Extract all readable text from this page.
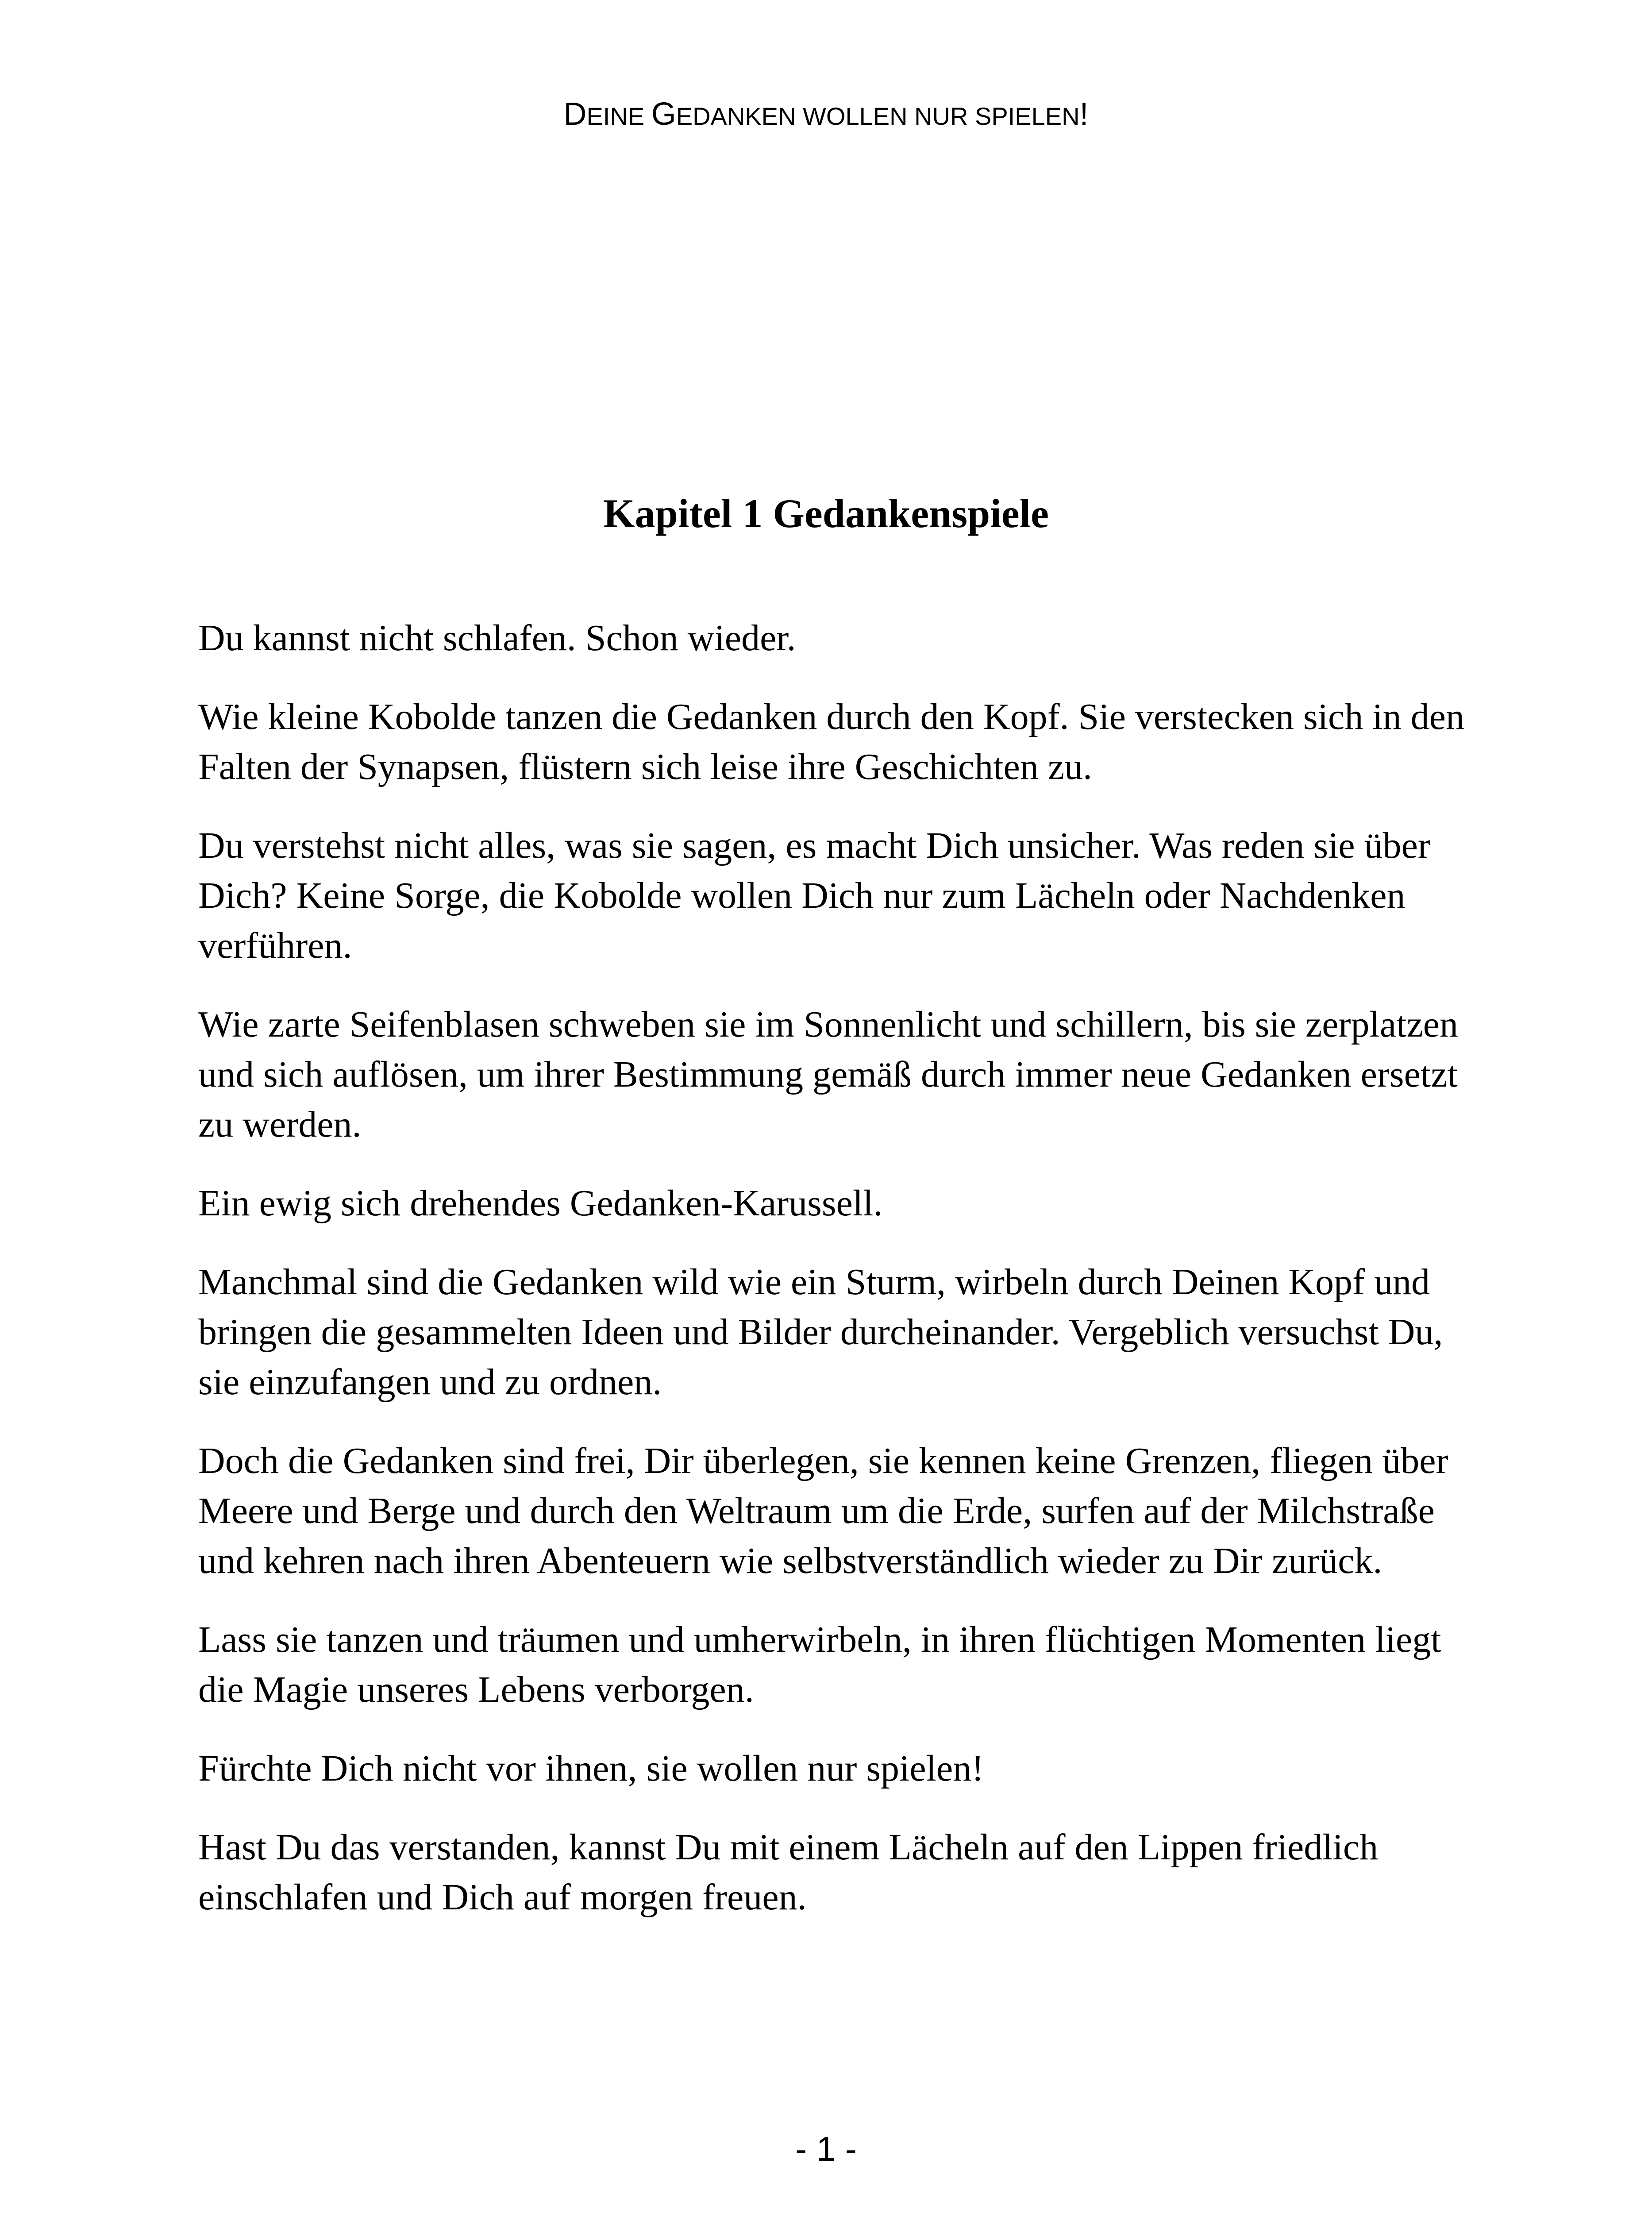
DEINE GEDANKEN WOLLEN NUR SPIELEN!
Kapitel 1 Gedankenspiele

Du kannst nicht schlafen. Schon wieder.

Wie kleine Kobolde tanzen die Gedanken durch den Kopf. Sie verstecken sich in den Falten der Synapsen, flüstern sich leise ihre Geschichten zu.

Du verstehst nicht alles, was sie sagen, es macht Dich unsicher. Was reden sie über Dich? Keine Sorge, die Kobolde wollen Dich nur zum Lächeln oder Nachdenken verführen.

Wie zarte Seifenblasen schweben sie im Sonnenlicht und schillern, bis sie zerplatzen und sich auflösen, um ihrer Bestimmung gemäß durch immer neue Gedanken ersetzt zu werden.

Ein ewig sich drehendes Gedanken-Karussell.

Manchmal sind die Gedanken wild wie ein Sturm, wirbeln durch Deinen Kopf und bringen die gesammelten Ideen und Bilder durcheinander. Vergeblich versuchst Du, sie einzufangen und zu ordnen.

Doch die Gedanken sind frei, Dir überlegen, sie kennen keine Grenzen, fliegen über Meere und Berge und durch den Weltraum um die Erde, surfen auf der Milchstraße und kehren nach ihren Abenteuern wie selbstverständlich wieder zu Dir zurück.

Lass sie tanzen und träumen und umherwirbeln, in ihren flüchtigen Momenten liegt die Magie unseres Lebens verborgen.

Fürchte Dich nicht vor ihnen, sie wollen nur spielen!

Hast Du das verstanden, kannst Du mit einem Lächeln auf den Lippen friedlich einschlafen und Dich auf morgen freuen.

- 1 -
